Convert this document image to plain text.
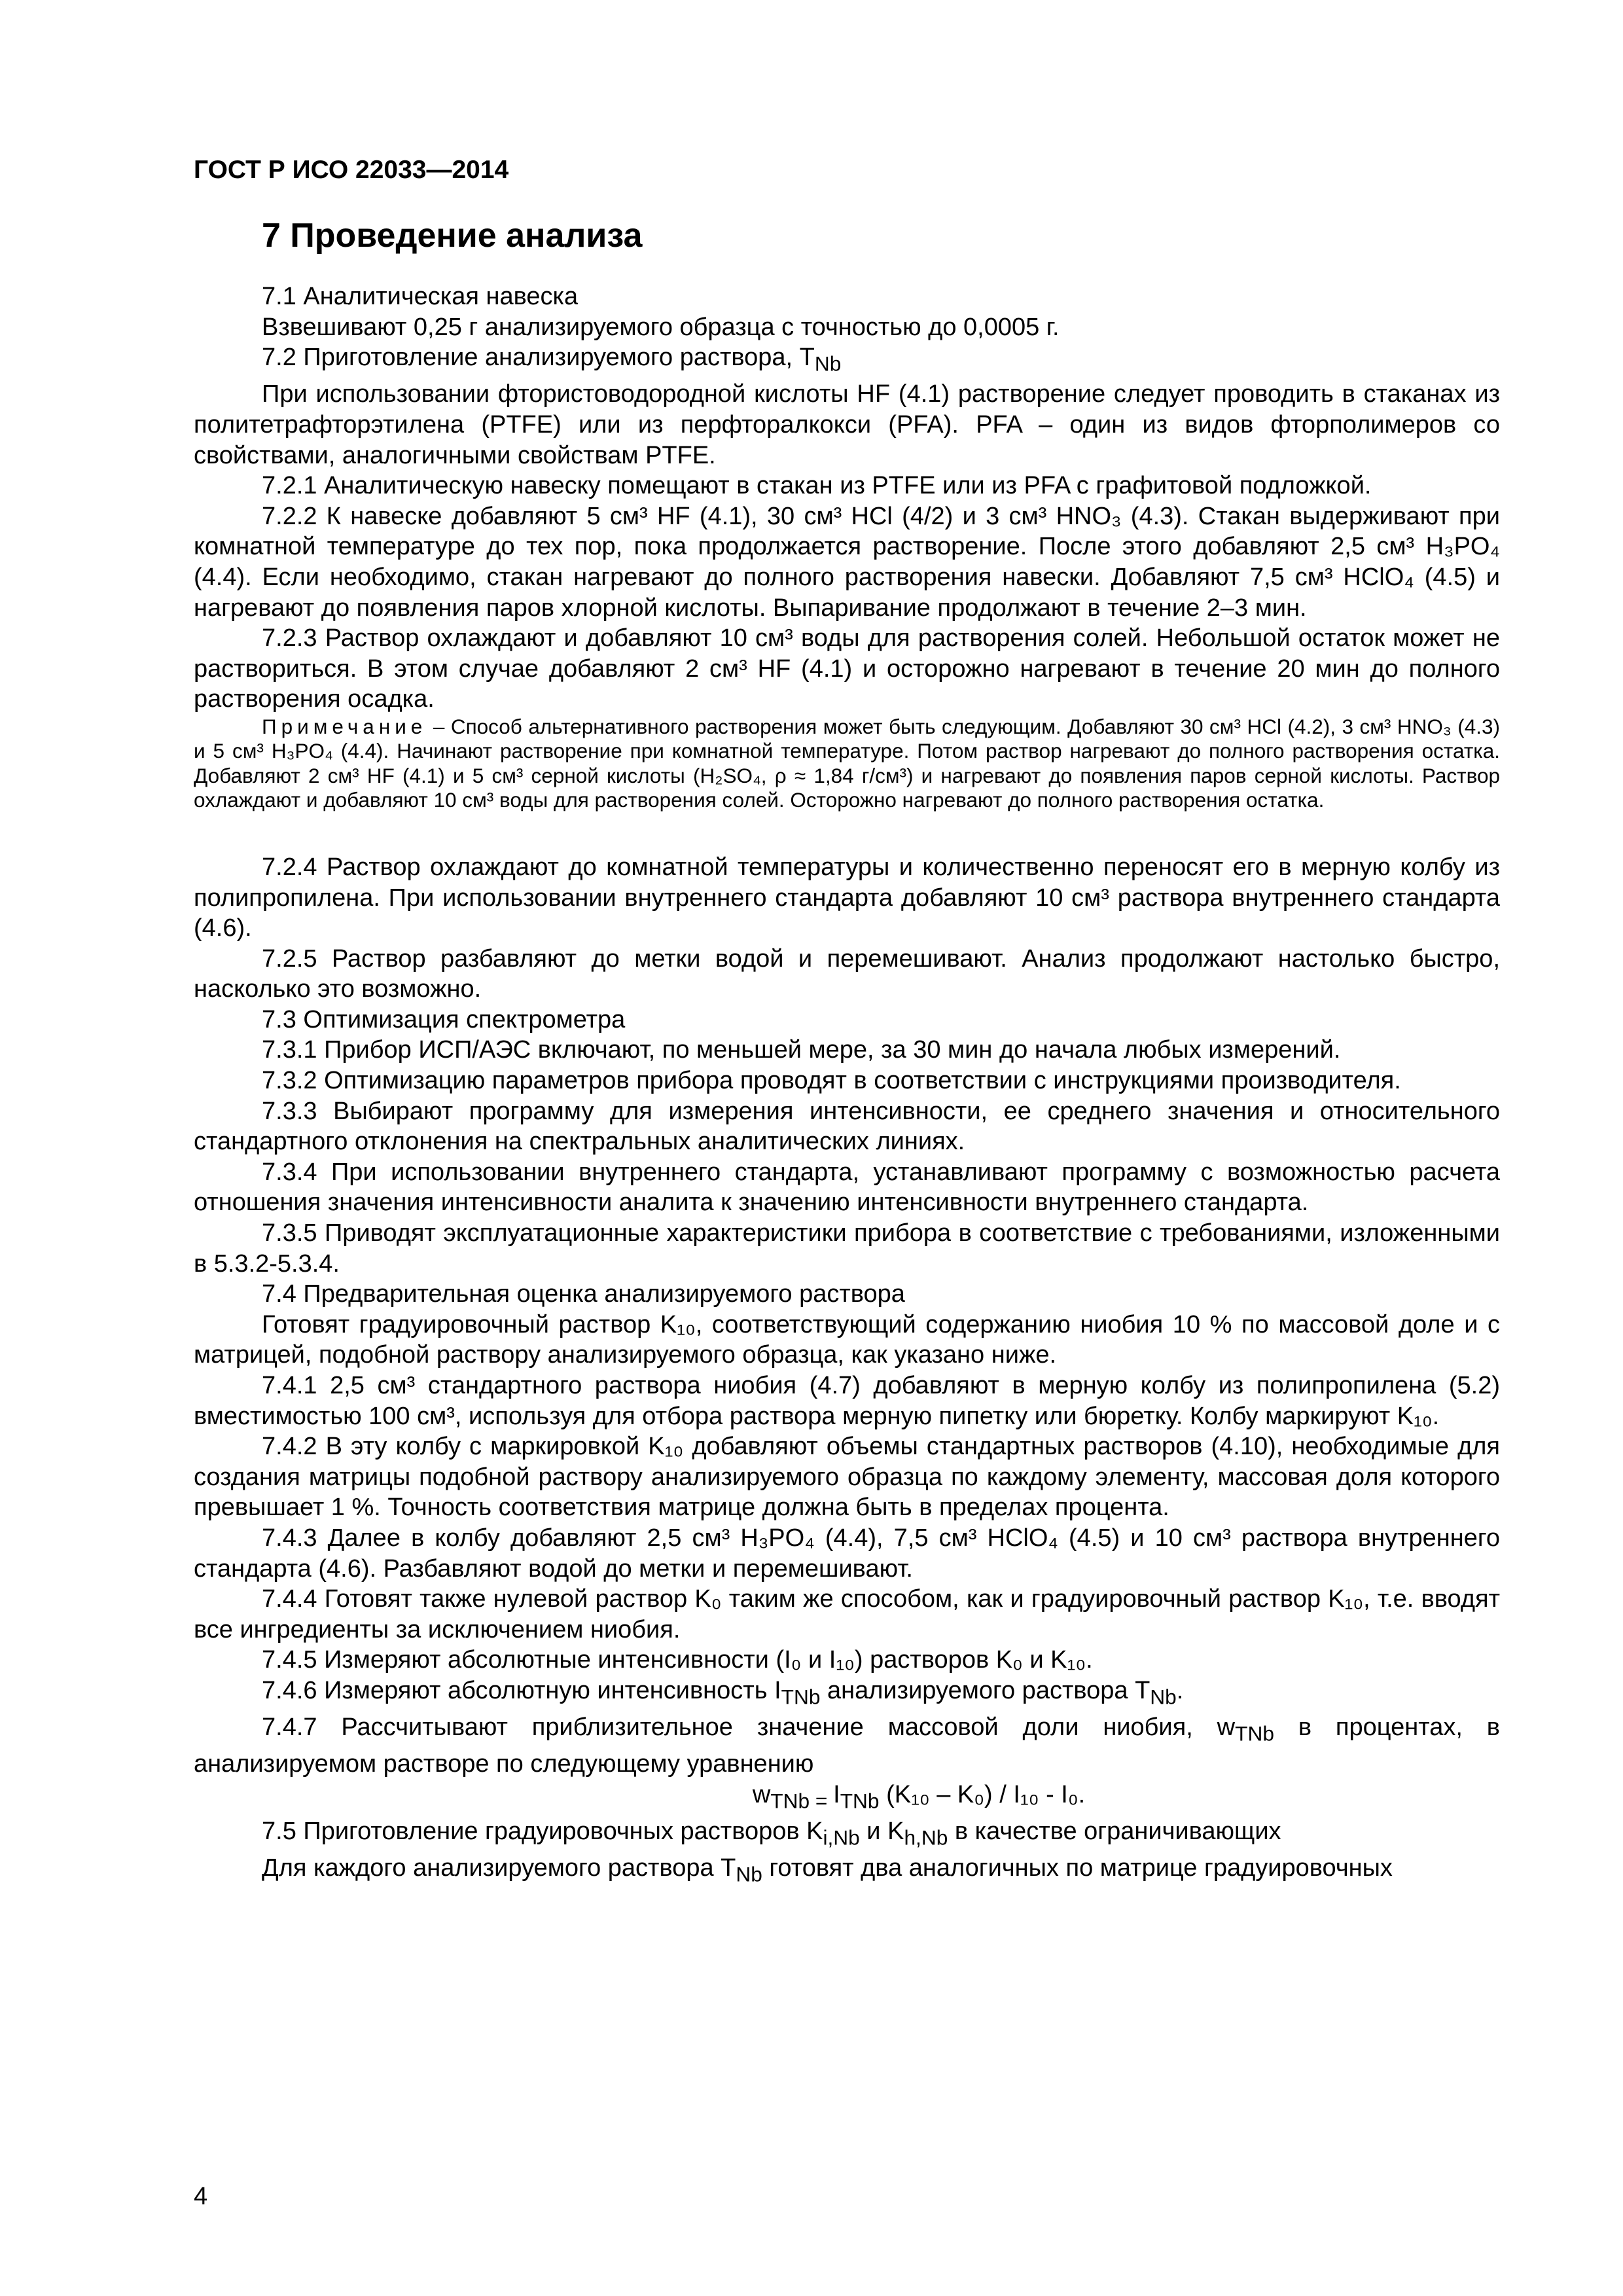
ГОСТ Р ИСО 22033—2014
7 Проведение анализа

7.1 Аналитическая навеска

Взвешивают 0,25 г анализируемого образца с точностью до 0,0005 г.

7.2 Приготовление анализируемого раствора, $T_{Nb}$

При использовании фтористоводородной кислоты HF (4.1) растворение следует проводить в стаканах из политетрафторэтилена (PTFE) или из перфторалкокси (PFA). PFA – один из видов фторполимеров со свойствами, аналогичными свойствам PTFE.

7.2.1 Аналитическую навеску помещают в стакан из PTFE или из PFA с графитовой подложкой.

7.2.2 К навеске добавляют 5 см³ HF (4.1), 30 см³ HCl (4/2) и 3 см³ HNO₃ (4.3). Стакан выдерживают при комнатной температуре до тех пор, пока продолжается растворение. После этого добавляют 2,5 см³ H₃PO₄ (4.4). Если необходимо, стакан нагревают до полного растворения навески. Добавляют 7,5 см³ HClO₄ (4.5) и нагревают до появления паров хлорной кислоты. Выпаривание продолжают в течение 2–3 мин.

7.2.3 Раствор охлаждают и добавляют 10 см³ воды для растворения солей. Небольшой остаток может не раствориться. В этом случае добавляют 2 см³ HF (4.1) и осторожно нагревают в течение 20 мин до полного растворения осадка.

Примечание – Способ альтернативного растворения может быть следующим. Добавляют 30 см³ HCl (4.2), 3 см³ HNO₃ (4.3) и 5 см³ H₃PO₄ (4.4). Начинают растворение при комнатной температуре. Потом раствор нагревают до полного растворения остатка. Добавляют 2 см³ HF (4.1) и 5 см³ серной кислоты (H₂SO₄, ρ ≈ 1,84 г/см³) и нагревают до появления паров серной кислоты. Раствор охлаждают и добавляют 10 см³ воды для растворения солей. Осторожно нагревают до полного растворения остатка.

7.2.4 Раствор охлаждают до комнатной температуры и количественно переносят его в мерную колбу из полипропилена. При использовании внутреннего стандарта добавляют 10 см³ раствора внутреннего стандарта (4.6).

7.2.5 Раствор разбавляют до метки водой и перемешивают. Анализ продолжают настолько быстро, насколько это возможно.

7.3 Оптимизация спектрометра

7.3.1 Прибор ИСП/АЭС включают, по меньшей мере, за 30 мин до начала любых измерений.

7.3.2 Оптимизацию параметров прибора проводят в соответствии с инструкциями производителя.

7.3.3 Выбирают программу для измерения интенсивности, ее среднего значения и относительного стандартного отклонения на спектральных аналитических линиях.

7.3.4 При использовании внутреннего стандарта, устанавливают программу с возможностью расчета отношения значения интенсивности аналита к значению интенсивности внутреннего стандарта.

7.3.5 Приводят эксплуатационные характеристики прибора в соответствие с требованиями, изложенными в 5.3.2-5.3.4.

7.4 Предварительная оценка анализируемого раствора

Готовят градуировочный раствор K₁₀, соответствующий содержанию ниобия 10 % по массовой доле и с матрицей, подобной раствору анализируемого образца, как указано ниже.

7.4.1 2,5 см³ стандартного раствора ниобия (4.7) добавляют в мерную колбу из полипропилена (5.2) вместимостью 100 см³, используя для отбора раствора мерную пипетку или бюретку. Колбу маркируют K₁₀.

7.4.2 В эту колбу с маркировкой K₁₀ добавляют объемы стандартных растворов (4.10), необходимые для создания матрицы подобной раствору анализируемого образца по каждому элементу, массовая доля которого превышает 1 %. Точность соответствия матрице должна быть в пределах процента.

7.4.3 Далее в колбу добавляют 2,5 см³ H₃PO₄ (4.4), 7,5 см³ HClO₄ (4.5) и 10 см³ раствора внутреннего стандарта (4.6). Разбавляют водой до метки и перемешивают.

7.4.4 Готовят также нулевой раствор K₀ таким же способом, как и градуировочный раствор K₁₀, т.е. вводят все ингредиенты за исключением ниобия.

7.4.5 Измеряют абсолютные интенсивности (I₀ и I₁₀) растворов K₀ и K₁₀.

7.4.6 Измеряют абсолютную интенсивность $I_{TNb}$ анализируемого раствора $T_{Nb}$.

7.4.7 Рассчитывают приблизительное значение массовой доли ниобия, $w_{TNb}$ в процентах, в анализируемом растворе по следующему уравнению

$w_{TNb =}$ $I_{TNb}$ (K₁₀ – K₀) / I₁₀ - I₀.

7.5 Приготовление градуировочных растворов $K_{i,Nb}$ и $K_{h,Nb}$ в качестве ограничивающих

Для каждого анализируемого раствора $T_{Nb}$ готовят два аналогичных по матрице градуировочных

4
